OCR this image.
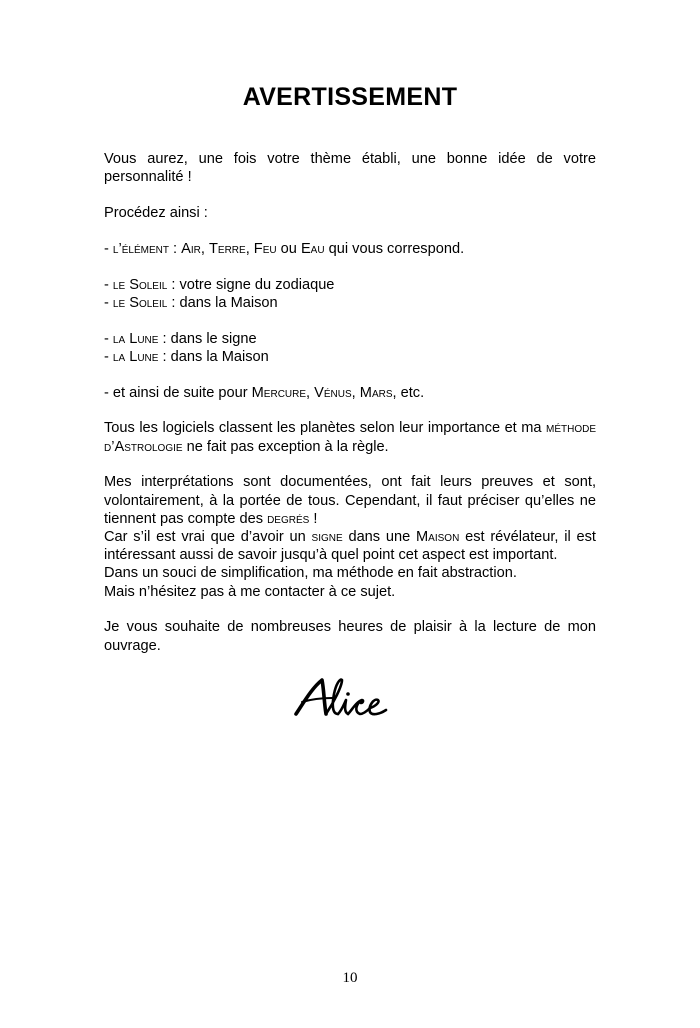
AVERTISSEMENT

Vous aurez, une fois votre thème établi, une bonne idée de votre personnalité !

Procédez ainsi :

- l’élément : Air, Terre, Feu ou Eau qui vous correspond.

- le Soleil : votre signe du zodiaque
- le Soleil : dans la Maison
- la Lune : dans le signe
- la Lune : dans la Maison

- et ainsi de suite pour Mercure, Vénus, Mars, etc.

Tous les logiciels classent les planètes selon leur importance et ma méthode d’Astrologie ne fait pas exception à la règle.

Mes interprétations sont documentées, ont fait leurs preuves et sont, volontairement, à la portée de tous. Cependant, il faut préciser qu’elles ne tiennent pas compte des degrés !

Car s’il est vrai que d’avoir un signe dans une Maison est révélateur, il est intéressant aussi de savoir jusqu’à quel point cet aspect est important.

Dans un souci de simplification, ma méthode en fait abstraction.

Mais n’hésitez pas à me contacter à ce sujet.

Je vous souhaite de nombreuses heures de plaisir à la lecture de mon ouvrage.

10
